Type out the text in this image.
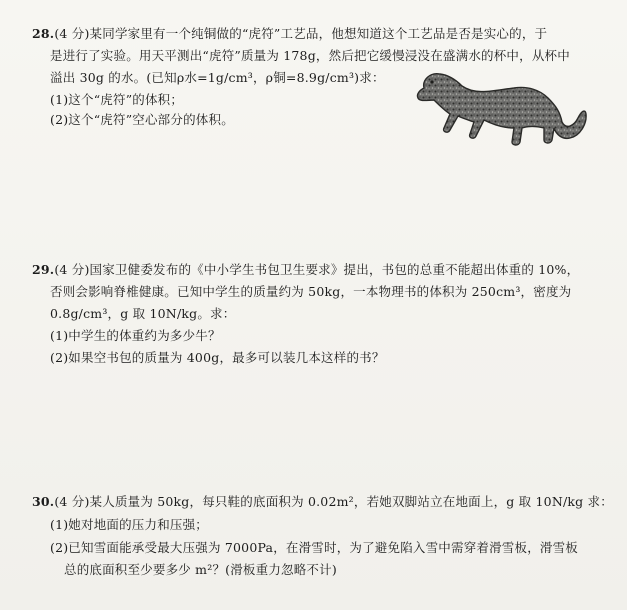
28.(4 分)某同学家里有一个纯铜做的“虎符”工艺品，他想知道这个工艺品是否是实心的，于
是进行了实验。用天平测出“虎符”质量为 178g，然后把它缓慢浸没在盛满水的杯中，从杯中
溢出 30g 的水。(已知ρ水=1g/cm³，ρ铜=8.9g/cm³)求：
(1)这个“虎符”的体积；
(2)这个“虎符”空心部分的体积。
29.(4 分)国家卫健委发布的《中小学生书包卫生要求》提出，书包的总重不能超出体重的 10%，
否则会影响脊椎健康。已知中学生的质量约为 50kg，一本物理书的体积为 250cm³，密度为
0.8g/cm³，g 取 10N/kg。求：
(1)中学生的体重约为多少牛？
(2)如果空书包的质量为 400g，最多可以装几本这样的书？
30.(4 分)某人质量为 50kg，每只鞋的底面积为 0.02m²，若她双脚站立在地面上，g 取 10N/kg 求：
(1)她对地面的压力和压强；
(2)已知雪面能承受最大压强为 7000Pa，在滑雪时，为了避免陷入雪中需穿着滑雪板，滑雪板
总的底面积至少要多少 m²？(滑板重力忽略不计)
